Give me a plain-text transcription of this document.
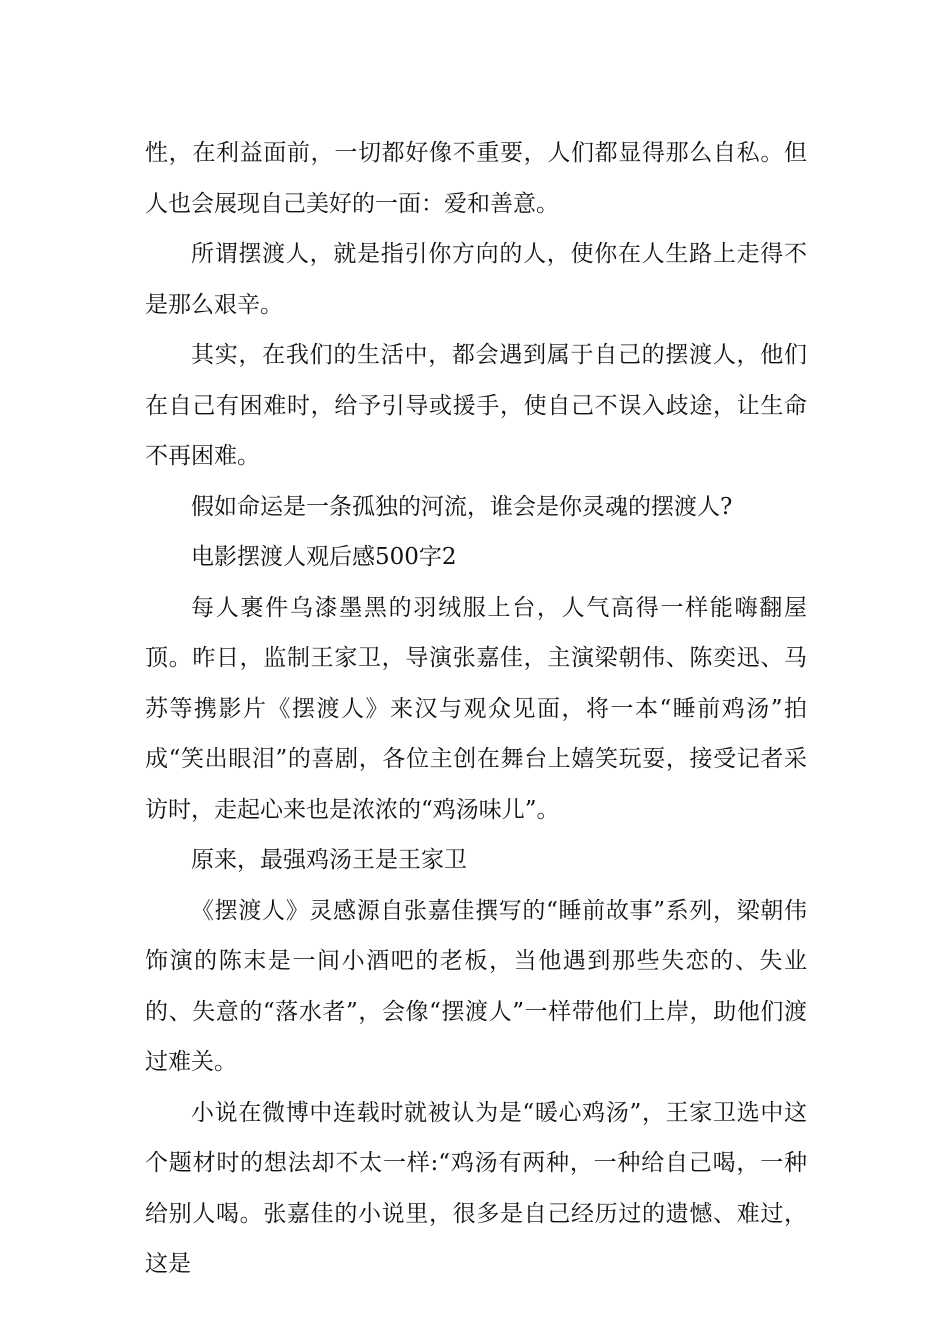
性，在利益面前，一切都好像不重要，人们都显得那么自私。但人也会展现自己美好的一面：爱和善意。

所谓摆渡人，就是指引你方向的人，使你在人生路上走得不是那么艰辛。

其实，在我们的生活中，都会遇到属于自己的摆渡人，他们在自己有困难时，给予引导或援手，使自己不误入歧途，让生命不再困难。

假如命运是一条孤独的河流，谁会是你灵魂的摆渡人?

电影摆渡人观后感500字2

每人裹件乌漆墨黑的羽绒服上台，人气高得一样能嗨翻屋顶。昨日，监制王家卫，导演张嘉佳，主演梁朝伟、陈奕迅、马苏等携影片《摆渡人》来汉与观众见面，将一本“睡前鸡汤”拍成“笑出眼泪”的喜剧，各位主创在舞台上嬉笑玩耍，接受记者采访时，走起心来也是浓浓的“鸡汤味儿”。

原来，最强鸡汤王是王家卫

《摆渡人》灵感源自张嘉佳撰写的“睡前故事”系列，梁朝伟饰演的陈末是一间小酒吧的老板，当他遇到那些失恋的、失业的、失意的“落水者”，会像“摆渡人”一样带他们上岸，助他们渡过难关。

小说在微博中连载时就被认为是“暖心鸡汤”，王家卫选中这个题材时的想法却不太一样:“鸡汤有两种，一种给自己喝，一种给别人喝。张嘉佳的小说里，很多是自己经历过的遗憾、难过，这是
